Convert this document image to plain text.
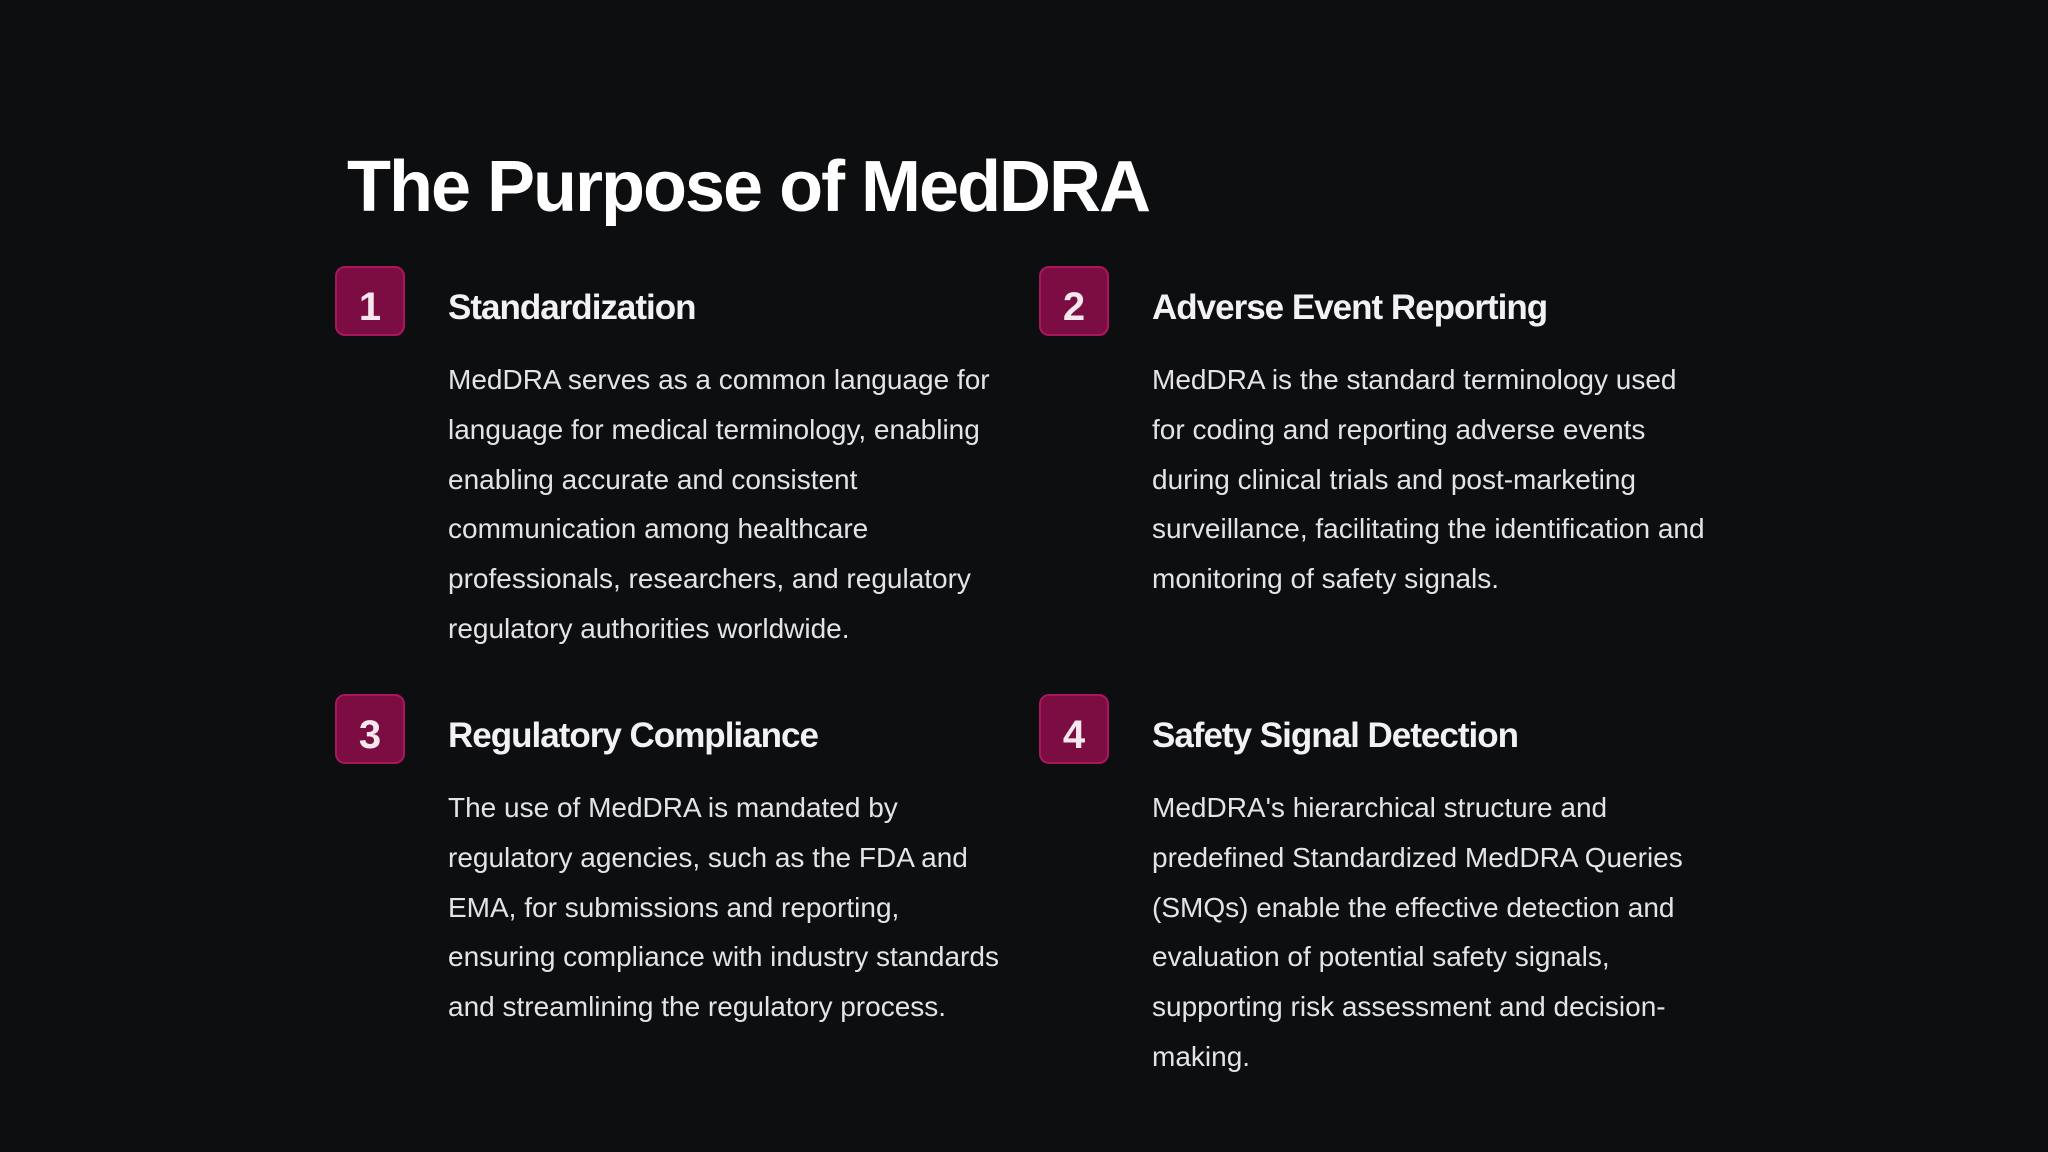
The Purpose of MedDRA
1	Standardization

MedDRA serves as a common language for language for medical terminology, enabling enabling accurate and consistent communication among healthcare professionals, researchers, and regulatory regulatory authorities worldwide.

2	Adverse Event Reporting

MedDRA is the standard terminology used for coding and reporting adverse events during clinical trials and post-marketing surveillance, facilitating the identification and monitoring of safety signals.

3	Regulatory Compliance

The use of MedDRA is mandated by regulatory agencies, such as the FDA and EMA, for submissions and reporting, ensuring compliance with industry standards and streamlining the regulatory process.

4	Safety Signal Detection

MedDRA's hierarchical structure and predefined Standardized MedDRA Queries (SMQs) enable the effective detection and evaluation of potential safety signals, supporting risk assessment and decision-making.
